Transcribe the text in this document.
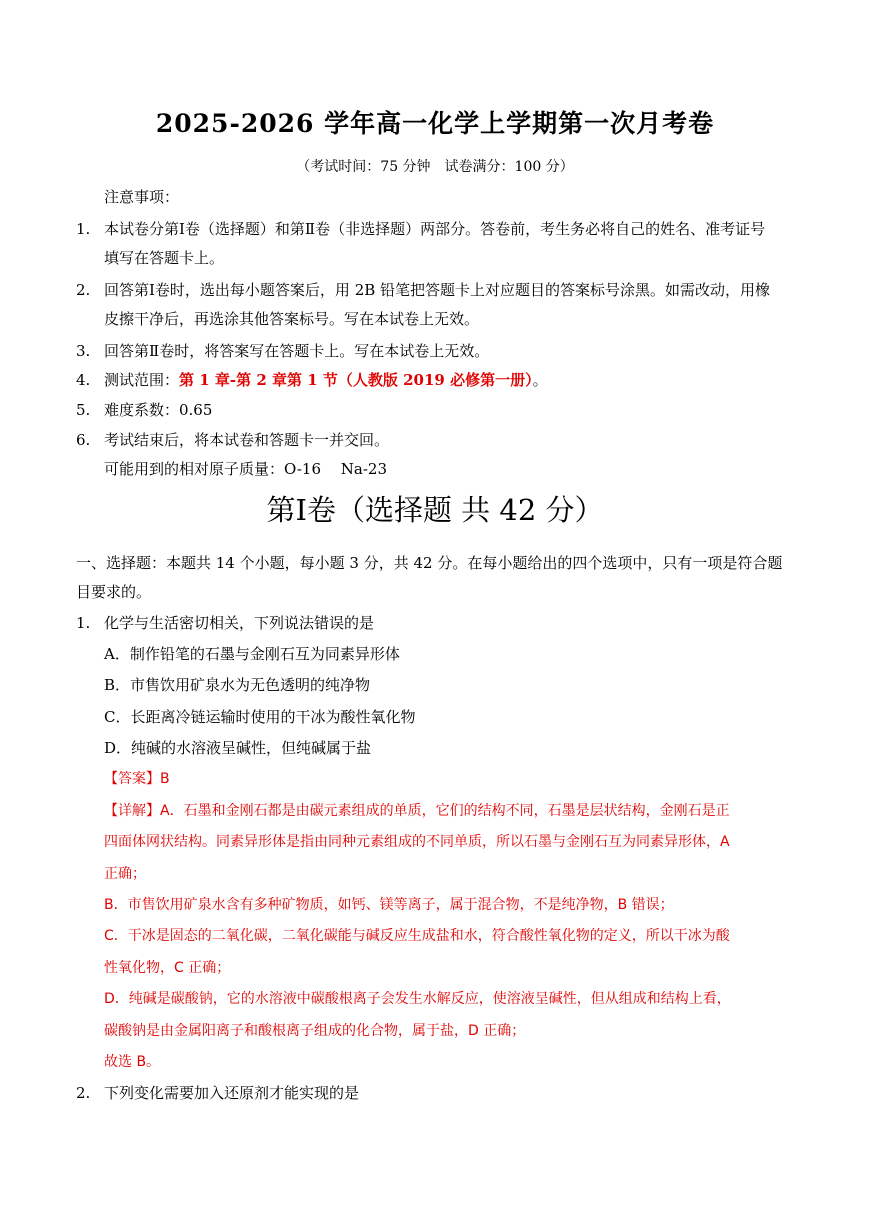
2025-2026 学年高一化学上学期第一次月考卷
（考试时间：75 分钟　试卷满分：100 分）
注意事项：
1. 本试卷分第Ⅰ卷（选择题）和第Ⅱ卷（非选择题）两部分。答卷前，考生务必将自己的姓名、准考证号
填写在答题卡上。
2. 回答第Ⅰ卷时，选出每小题答案后，用 2B 铅笔把答题卡上对应题目的答案标号涂黑。如需改动，用橡
皮擦干净后，再选涂其他答案标号。写在本试卷上无效。
3. 回答第Ⅱ卷时，将答案写在答题卡上。写在本试卷上无效。
4. 测试范围：第 1 章-第 2 章第 1 节（人教版 2019 必修第一册）。
5. 难度系数：0.65
6. 考试结束后，将本试卷和答题卡一并交回。
可能用到的相对原子质量：O-16　 Na-23
第Ⅰ卷（选择题 共 42 分）
一、选择题：本题共 14 个小题，每小题 3 分，共 42 分。在每小题给出的四个选项中，只有一项是符合题
目要求的。
1. 化学与生活密切相关，下列说法错误的是
A．制作铅笔的石墨与金刚石互为同素异形体
B．市售饮用矿泉水为无色透明的纯净物
C．长距离冷链运输时使用的干冰为酸性氧化物
D．纯碱的水溶液呈碱性，但纯碱属于盐
【答案】B
【详解】A．石墨和金刚石都是由碳元素组成的单质，它们的结构不同，石墨是层状结构，金刚石是正
四面体网状结构。同素异形体是指由同种元素组成的不同单质，所以石墨与金刚石互为同素异形体，A
正确；
B．市售饮用矿泉水含有多种矿物质，如钙、镁等离子，属于混合物，不是纯净物，B 错误；
C．干冰是固态的二氧化碳，二氧化碳能与碱反应生成盐和水，符合酸性氧化物的定义，所以干冰为酸
性氧化物，C 正确；
D．纯碱是碳酸钠，它的水溶液中碳酸根离子会发生水解反应，使溶液呈碱性，但从组成和结构上看，
碳酸钠是由金属阳离子和酸根离子组成的化合物，属于盐，D 正确；
故选 B。
2. 下列变化需要加入还原剂才能实现的是
